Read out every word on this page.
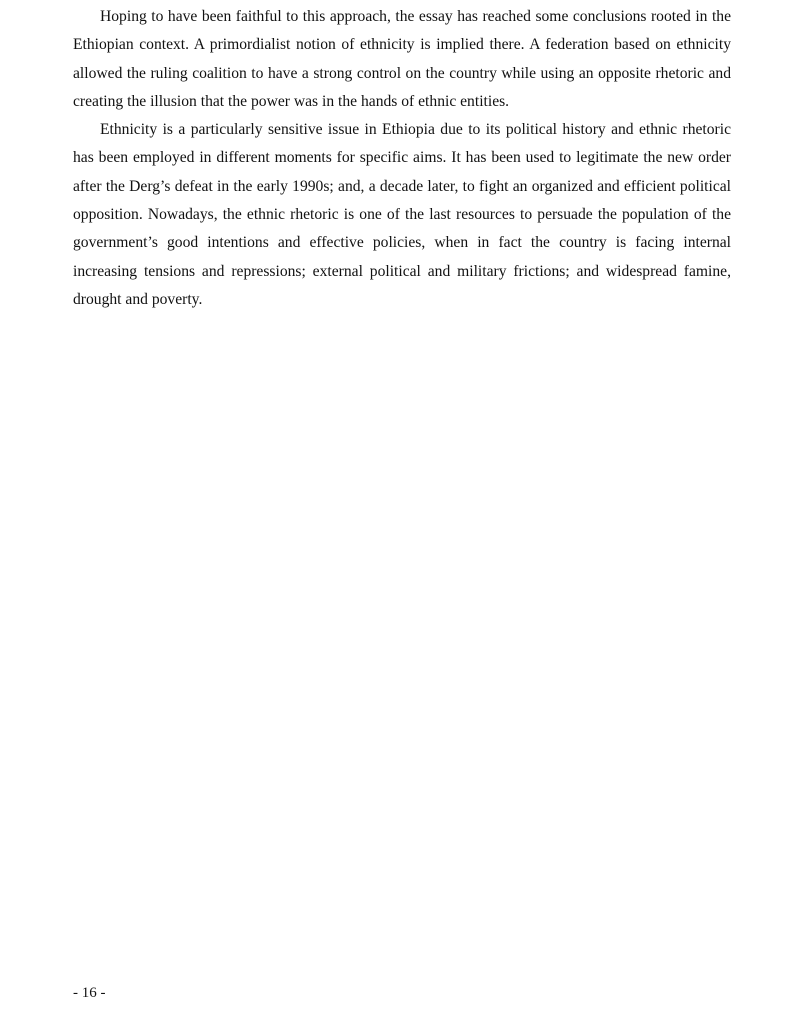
Hoping to have been faithful to this approach, the essay has reached some conclusions rooted in the Ethiopian context. A primordialist notion of ethnicity is implied there. A federation based on ethnicity allowed the ruling coalition to have a strong control on the country while using an opposite rhetoric and creating the illusion that the power was in the hands of ethnic entities.

Ethnicity is a particularly sensitive issue in Ethiopia due to its political history and ethnic rhetoric has been employed in different moments for specific aims. It has been used to legitimate the new order after the Derg’s defeat in the early 1990s; and, a decade later, to fight an organized and efficient political opposition. Nowadays, the ethnic rhetoric is one of the last resources to persuade the population of the government’s good intentions and effective policies, when in fact the country is facing internal increasing tensions and repressions; external political and military frictions; and widespread famine, drought and poverty.

- 16 -
